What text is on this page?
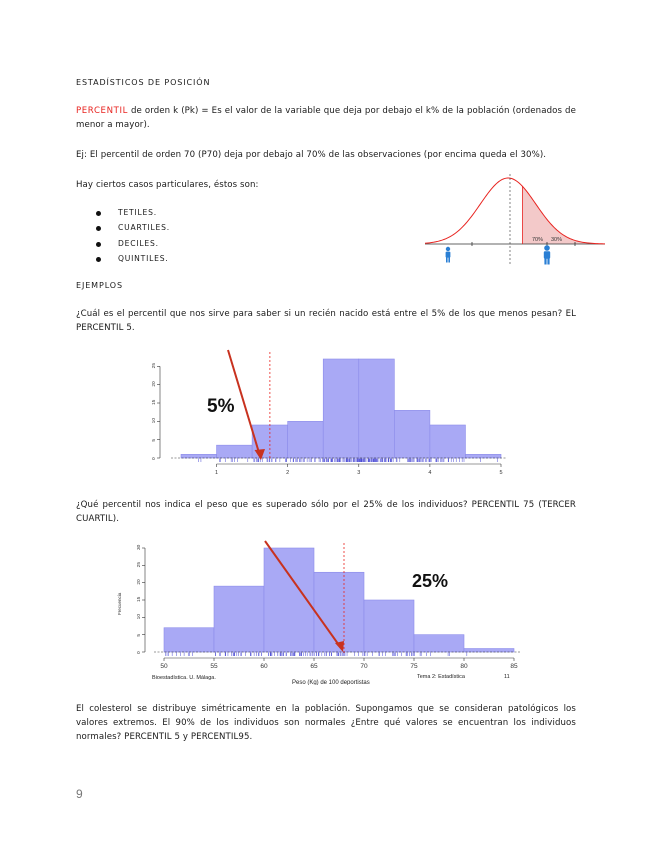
ESTADÍSTICOS DE POSICIÓN
PERCENTIL de orden k (Pk) = Es el valor de la variable que deja por debajo el k% de la población (ordenados de menor a mayor).
Ej: El percentil de orden 70 (P70) deja por debajo al 70% de las observaciones (por encima queda el 30%).
Hay ciertos casos particulares, éstos son:
TETILES.
CUARTILES.
DECILES.
QUINTILES.
70% 30%
EJEMPLOS
¿Cuál es el percentil que nos sirve para saber si un recién nacido está entre el 5% de los que menos pesan? EL PERCENTIL 5.
0
5
10
15
20
25
1	2	3	4	5
5%
¿Qué percentil nos indica el peso que es superado sólo por el 25% de los individuos? PERCENTIL 75 (TERCER CUARTIL).
0
5
10
15
20
25
30
50	55	60	65	70	75	80	85
25%
Frecuencia
Peso (Kg) de 100 deportistas
Bioestadística. U. Málaga.	Tema 2: Estadística	11
El colesterol se distribuye simétricamente en la población. Supongamos que se consideran patológicos los valores extremos. El 90% de los individuos son normales ¿Entre qué valores se encuentran los individuos normales? PERCENTIL 5 y PERCENTIL95.
9
